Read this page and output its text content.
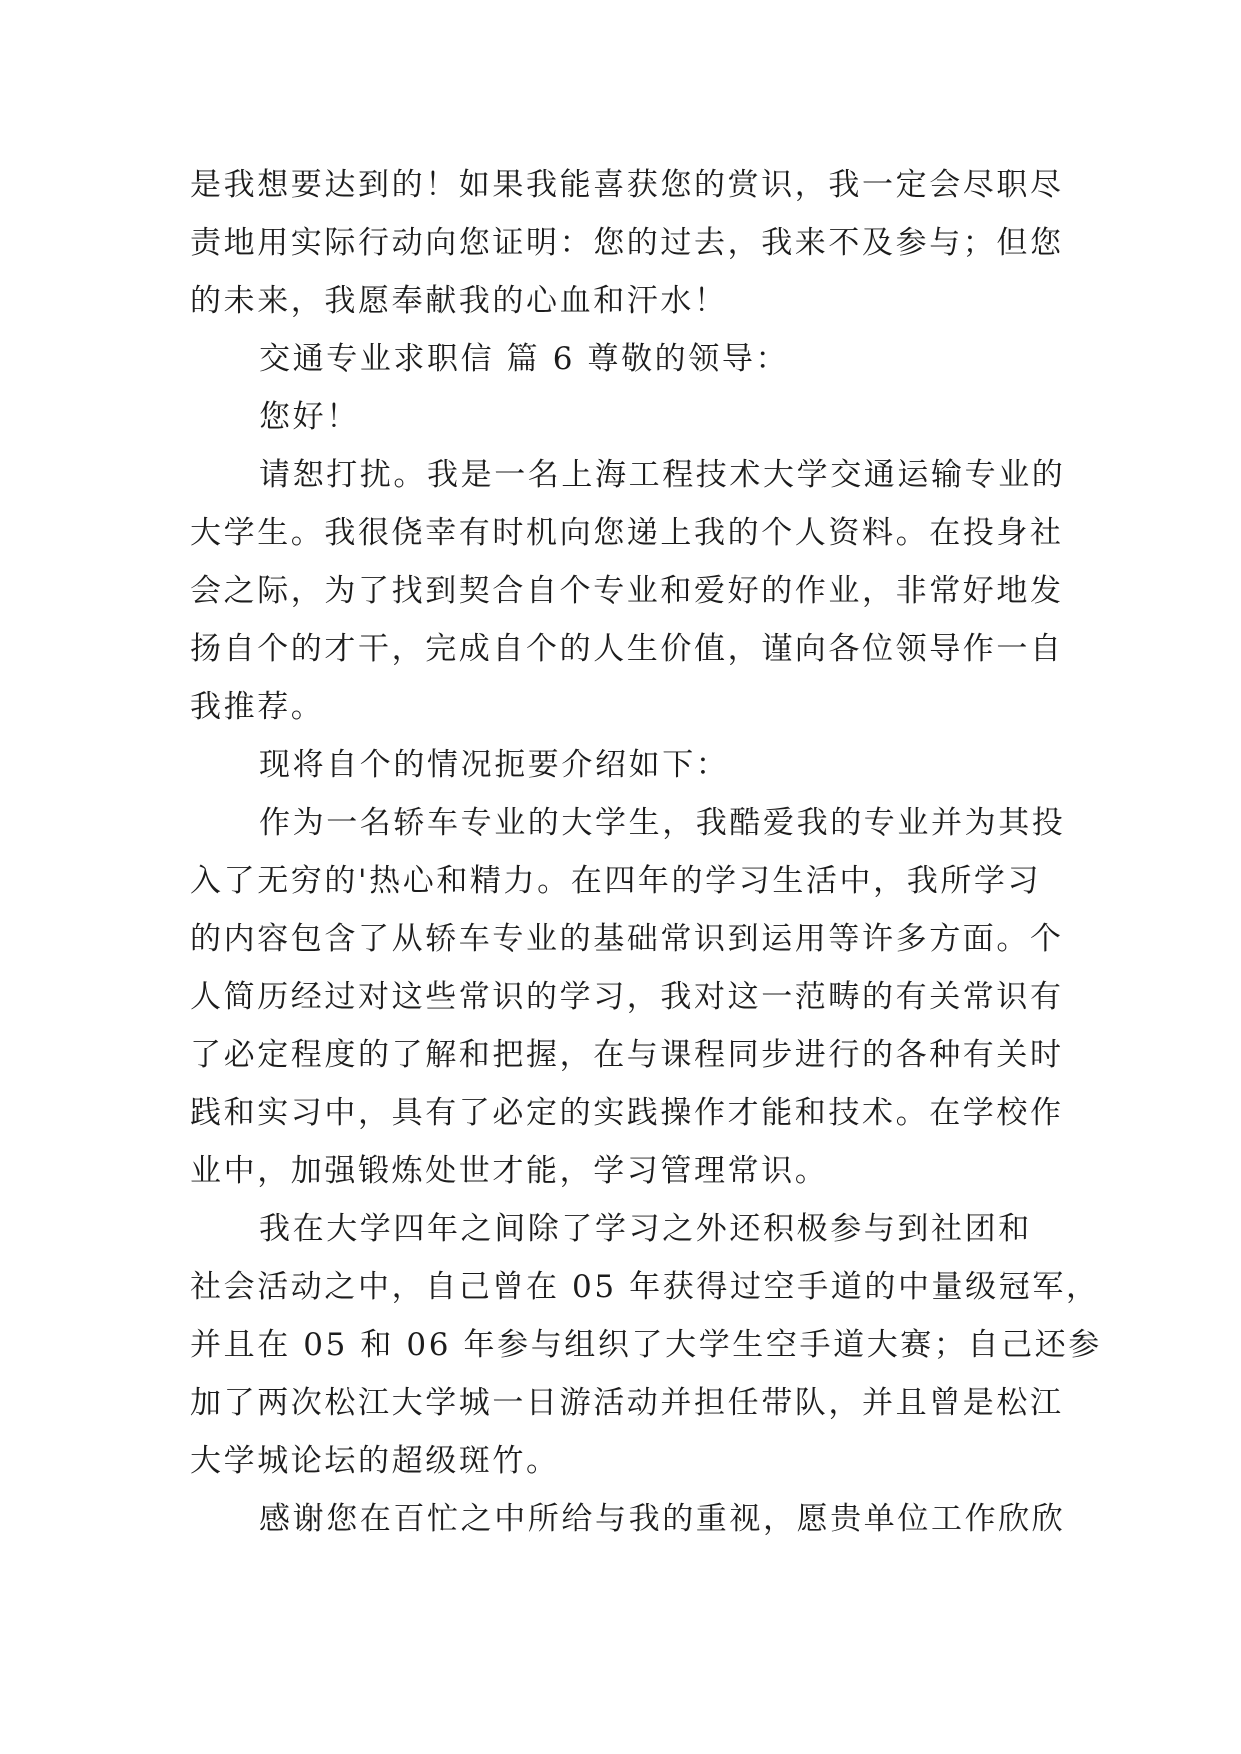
是我想要达到的！如果我能喜获您的赏识，我一定会尽职尽

责地用实际行动向您证明：您的过去，我来不及参与；但您

的未来，我愿奉献我的心血和汗水！

交通专业求职信 篇 6 尊敬的领导：

您好！

请恕打扰。我是一名上海工程技术大学交通运输专业的

大学生。我很侥幸有时机向您递上我的个人资料。在投身社

会之际，为了找到契合自个专业和爱好的作业，非常好地发

扬自个的才干，完成自个的人生价值，谨向各位领导作一自

我推荐。

现将自个的情况扼要介绍如下：

作为一名轿车专业的大学生，我酷爱我的专业并为其投

入了无穷的'热心和精力。在四年的学习生活中，我所学习

的内容包含了从轿车专业的基础常识到运用等许多方面。个

人简历经过对这些常识的学习，我对这一范畴的有关常识有

了必定程度的了解和把握，在与课程同步进行的各种有关时

践和实习中，具有了必定的实践操作才能和技术。在学校作

业中，加强锻炼处世才能，学习管理常识。

我在大学四年之间除了学习之外还积极参与到社团和

社会活动之中，自己曾在 05 年获得过空手道的中量级冠军，

并且在 05 和 06 年参与组织了大学生空手道大赛；自己还参

加了两次松江大学城一日游活动并担任带队，并且曾是松江

大学城论坛的超级斑竹。

感谢您在百忙之中所给与我的重视，愿贵单位工作欣欣
